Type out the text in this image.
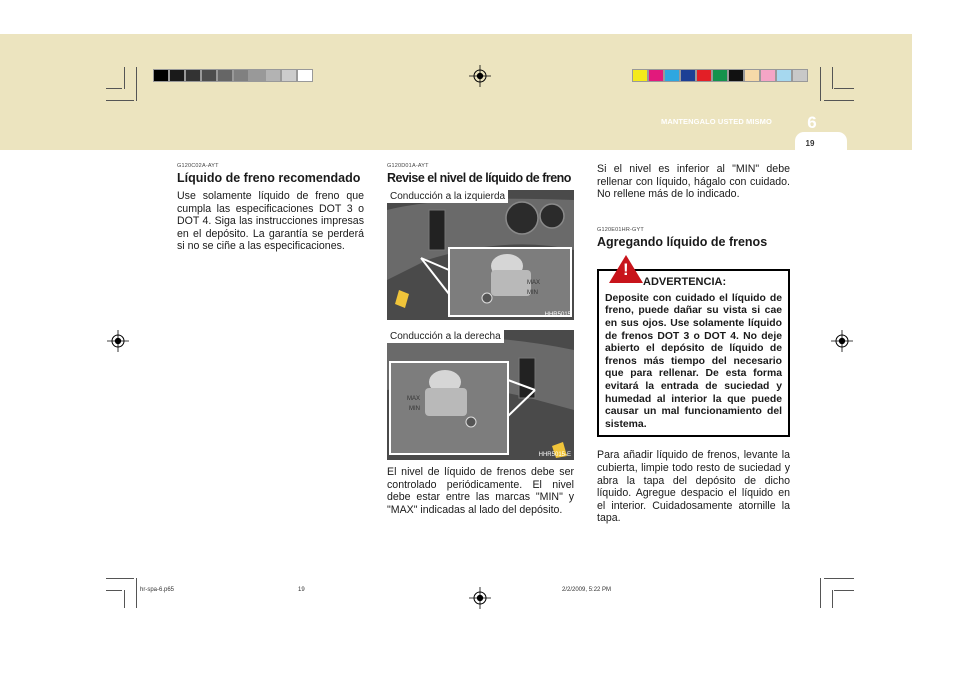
MANTENGALO USTED MISMO	6
19
G120C02A-AYT
Líquido de freno recomendado
Use solamente líquido de freno que cumpla las especificaciones DOT 3 o DOT 4. Siga las instrucciones impresas en el depósito. La garantía se perderá si no se ciñe a las especificaciones.
G120D01A-AYT
Revise el nivel de líquido de freno
MAX
MIN
Conducción a la izquierda
HHR5015
MAX
MIN
Conducción a la derecha
HHR5015-E
El nivel de líquido de frenos debe ser controlado periódicamente. El nivel debe estar entre las marcas "MIN" y "MAX" indicadas al lado del depósito.
Si el nivel es inferior al "MIN" debe rellenar con líquido, hágalo con cuidado. No rellene más de lo indicado.
G120E01HR-GYT
Agregando líquido de frenos
!
ADVERTENCIA:
Deposite con cuidado el líquido de freno, puede dañar su vista si cae en sus ojos. Use solamente líquido de frenos DOT 3 o DOT 4. No deje abierto el depósito de líquido de frenos más tiempo del necesario que para rellenar. De esta forma evitará la entrada de suciedad y humedad al interior la que puede causar un mal funcionamiento del sistema.
Para añadir líquido de frenos, levante la cubierta, limpie todo resto de suciedad y abra la tapa del depósito de dicho líquido. Agregue despacio el líquido en el interior. Cuidadosamente atornille la tapa.
hr-spa-6.p65	19	2/2/2009, 5:22 PM
